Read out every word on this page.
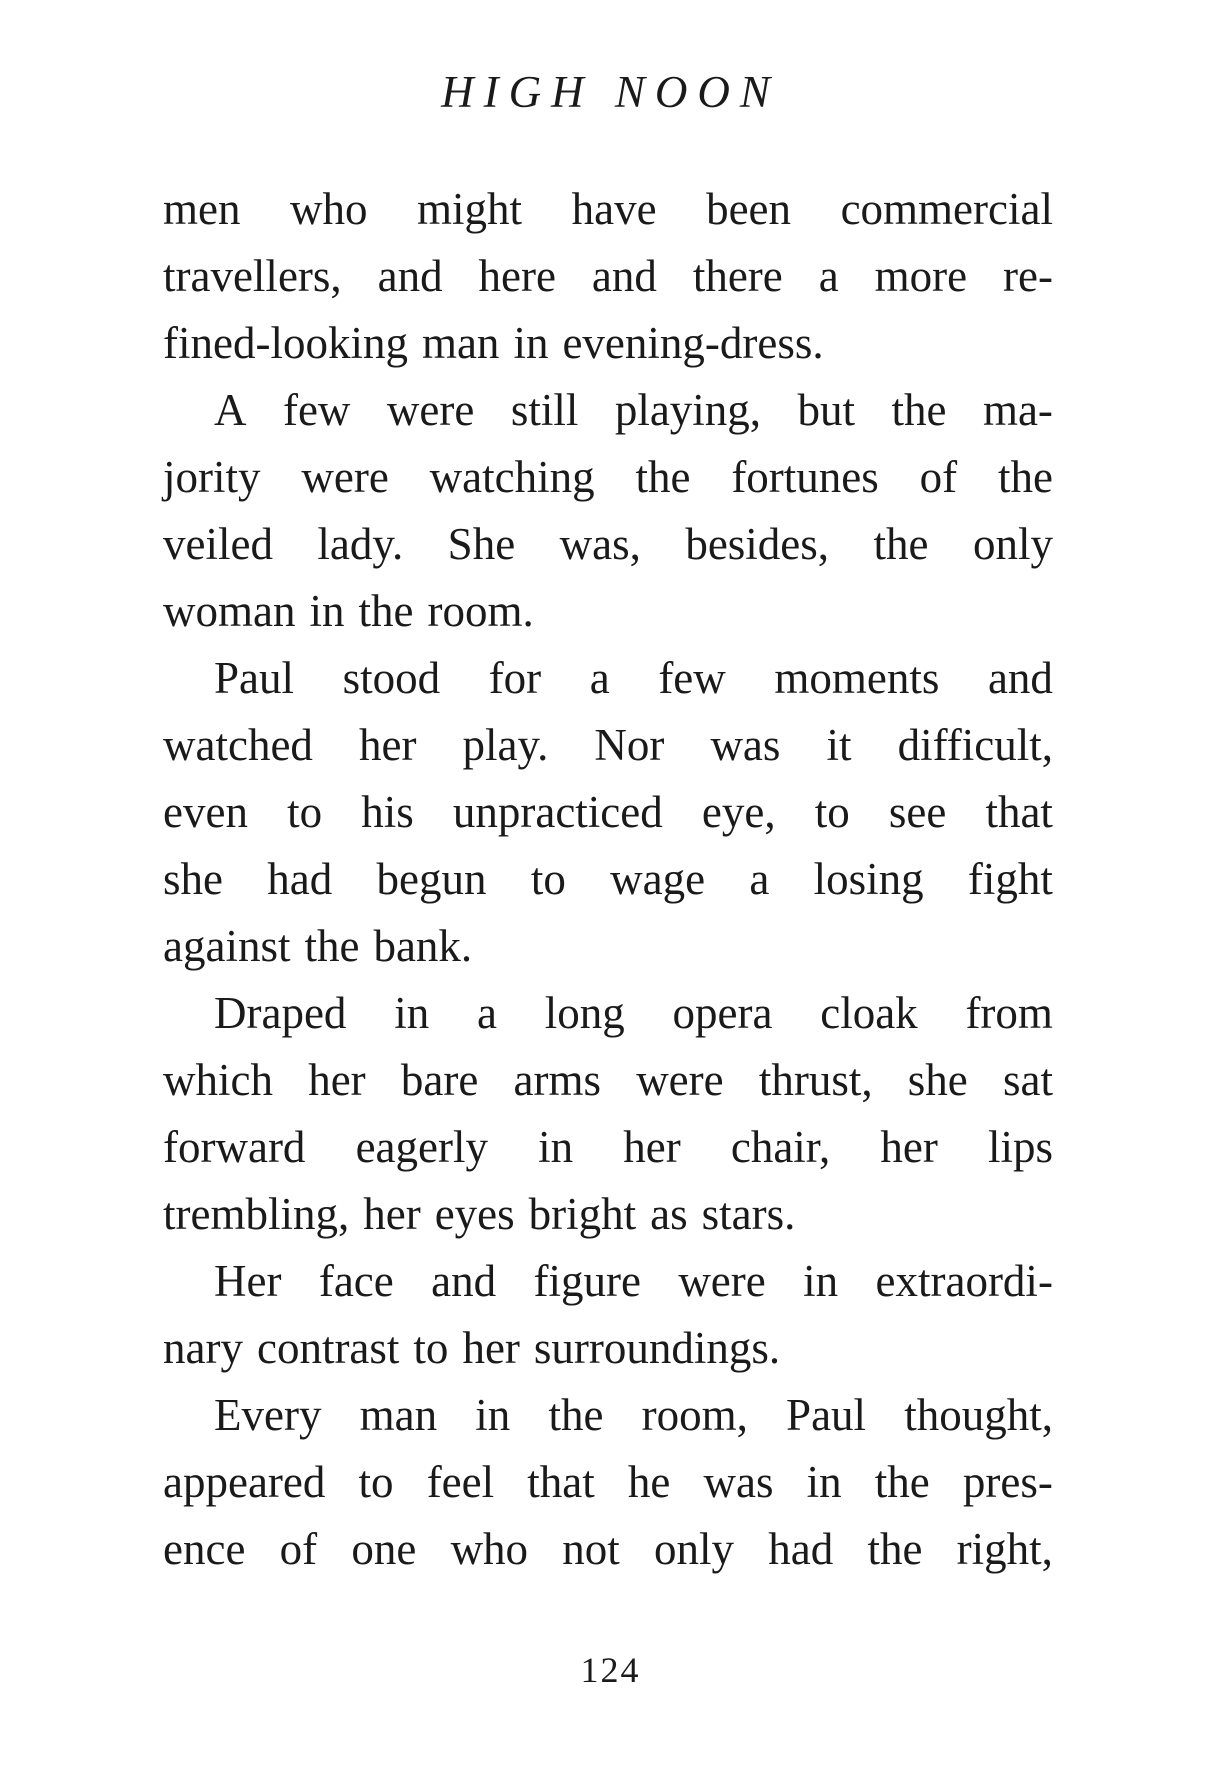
HIGH NOON
men who might have been commercial
travellers, and here and there a more re-
fined-looking man in evening-dress.
A few were still playing, but the ma-
jority were watching the fortunes of the
veiled lady. She was, besides, the only
woman in the room.
Paul stood for a few moments and
watched her play. Nor was it difficult,
even to his unpracticed eye, to see that
she had begun to wage a losing fight
against the bank.
Draped in a long opera cloak from
which her bare arms were thrust, she sat
forward eagerly in her chair, her lips
trembling, her eyes bright as stars.
Her face and figure were in extraordi-
nary contrast to her surroundings.
Every man in the room, Paul thought,
appeared to feel that he was in the pres-
ence of one who not only had the right,
124
